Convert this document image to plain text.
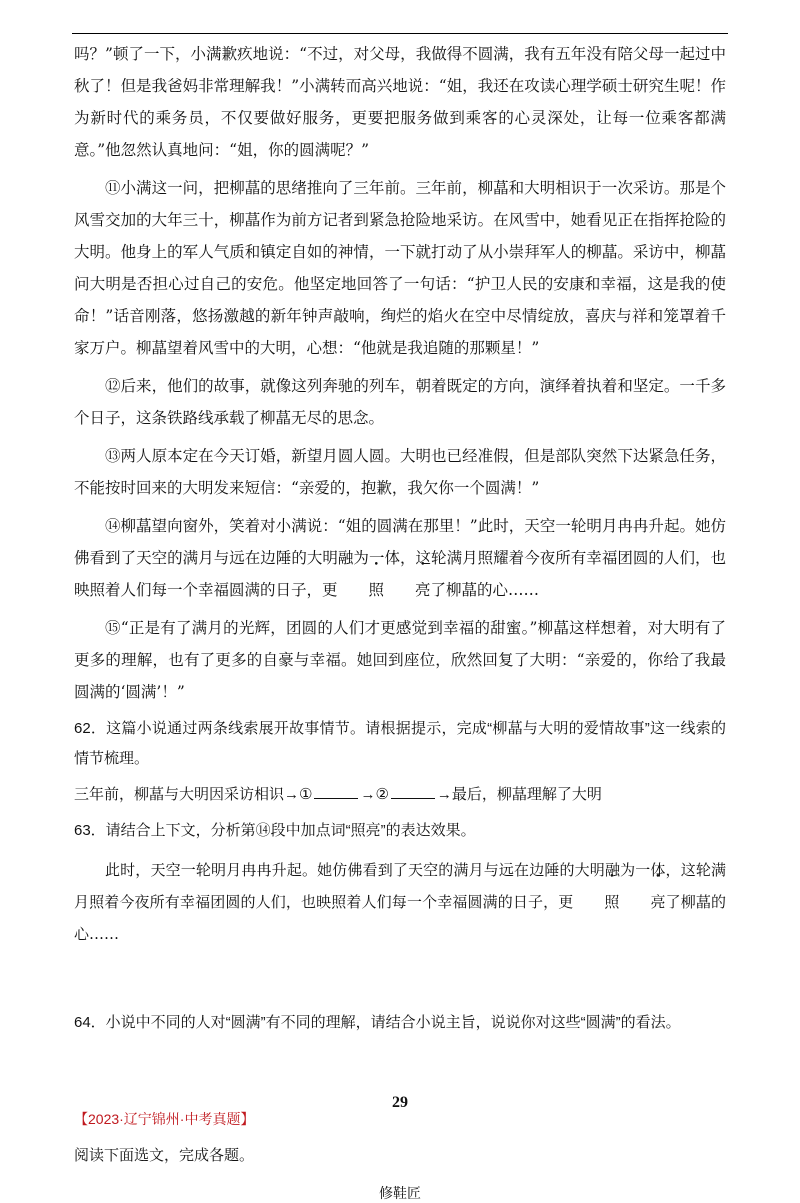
吗？”顿了一下，小满歉疚地说：“不过，对父母，我做得不圆满，我有五年没有陪父母一起过中秋了！但是我爸妈非常理解我！”小满转而高兴地说：“姐，我还在攻读心理学硕士研究生呢！作为新时代的乘务员，不仅要做好服务，更要把服务做到乘客的心灵深处，让每一位乘客都满意。”他忽然认真地问：“姐，你的圆满呢？”

⑪小满这一问，把柳蕌的思绪推向了三年前。三年前，柳蕌和大明相识于一次采访。那是个风雪交加的大年三十，柳蕌作为前方记者到紧急抢险地采访。在风雪中，她看见正在指挥抢险的大明。他身上的军人气质和镇定自如的神情，一下就打动了从小崇拜军人的柳蕌。采访中，柳蕌问大明是否担心过自己的安危。他坚定地回答了一句话：“护卫人民的安康和幸福，这是我的使命！”话音刚落，悠扬激越的新年钟声敲响，绚烂的焰火在空中尽情绽放，喜庆与祥和笼罩着千家万户。柳蕌望着风雪中的大明，心想：“他就是我追随的那颗星！”

⑫后来，他们的故事，就像这列奔驰的列车，朝着既定的方向，演绎着执着和坚定。一千多个日子，这条铁路线承载了柳蕌无尽的思念。

⑬两人原本定在今天订婚，新望月圆人圆。大明也已经准假，但是部队突然下达紧急任务，不能按时回来的大明发来短信：“亲爱的，抱歉，我欠你一个圆满！”

⑭柳蕌望向窗外，笑着对小满说：“姐的圆满在那里！”此时，天空一轮明月冉冉升起。她仿佛看到了天空的满月与远在边陲的大明融为一体，这轮满月照耀着今夜所有幸福团圆的人们，也映照着人们每一个幸福圆满的日子，更 照 亮了柳蕌的心……

⑮“正是有了满月的光辉，团圆的人们才更感觉到幸福的甜蜜。”柳蕌这样想着，对大明有了更多的理解，也有了更多的自豪与幸福。她回到座位，欣然回复了大明：“亲爱的，你给了我最圆满的‘圆满’！”

62．这篇小说通过两条线索展开故事情节。请根据提示，完成“柳蕌与大明的爱情故事”这一线索的情节梳理。

三年前，柳蕌与大明因采访相识→①	→②	→最后，柳蕌理解了大明

63．请结合上下文，分析第⑭段中加点词“照亮”的表达效果。

此时，天空一轮明月冉冉升起。她仿佛看到了天空的满月与远在边陲的大明融为一体，这轮满月照着今夜所有幸福团圆的人们，也映照着人们每一个幸福圆满的日子，更 照 亮了柳蕌的心……

64．小说中不同的人对“圆满”有不同的理解，请结合小说主旨，说说你对这些“圆满”的看法。

【2023·辽宁锦州·中考真题】

阅读下面选文，完成各题。

修鞋匠
29
